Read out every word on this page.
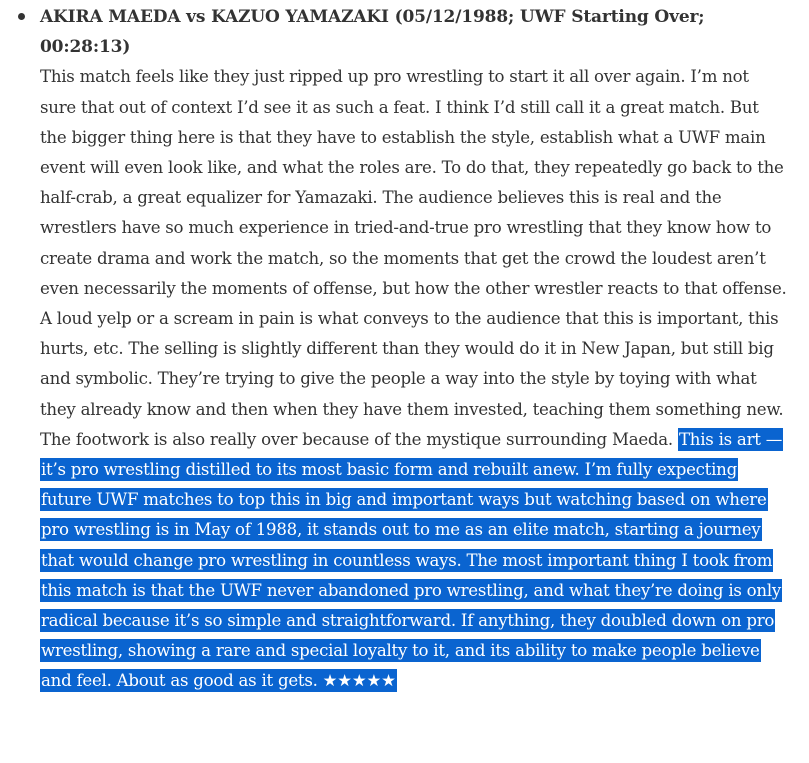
AKIRA MAEDA vs KAZUO YAMAZAKI (05/12/1988; UWF Starting Over; 00:28:13)

This match feels like they just ripped up pro wrestling to start it all over again. I’m not sure that out of context I’d see it as such a feat. I think I’d still call it a great match. But the bigger thing here is that they have to establish the style, establish what a UWF main event will even look like, and what the roles are. To do that, they repeatedly go back to the half-crab, a great equalizer for Yamazaki. The audience believes this is real and the wrestlers have so much experience in tried-and-true pro wrestling that they know how to create drama and work the match, so the moments that get the crowd the loudest aren’t even necessarily the moments of offense, but how the other wrestler reacts to that offense. A loud yelp or a scream in pain is what conveys to the audience that this is important, this hurts, etc. The selling is slightly different than they would do it in New Japan, but still big and symbolic. They’re trying to give the people a way into the style by toying with what they already know and then when they have them invested, teaching them something new. The footwork is also really over because of the mystique surrounding Maeda. This is art — it’s pro wrestling distilled to its most basic form and rebuilt anew. I’m fully expecting future UWF matches to top this in big and important ways but watching based on where pro wrestling is in May of 1988, it stands out to me as an elite match, starting a journey that would change pro wrestling in countless ways. The most important thing I took from this match is that the UWF never abandoned pro wrestling, and what they’re doing is only radical because it’s so simple and straightforward. If anything, they doubled down on pro wrestling, showing a rare and special loyalty to it, and its ability to make people believe and feel. About as good as it gets. ★★★★★
